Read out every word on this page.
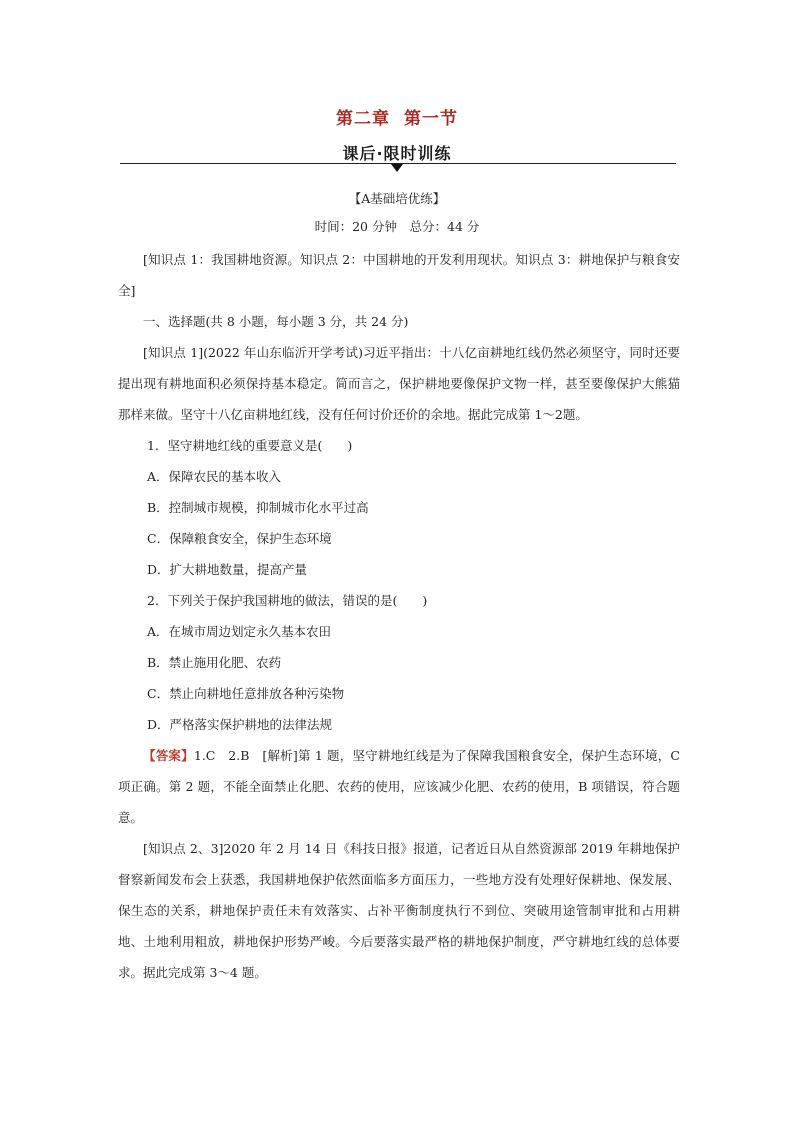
第二章 第一节
课后·限时训练
【A基础培优练】
时间：20 分钟　总分：44 分

[知识点 1：我国耕地资源。知识点 2：中国耕地的开发利用现状。知识点 3：耕地保护与粮食安全]

一、选择题(共 8 小题，每小题 3 分，共 24 分)

[知识点 1](2022 年山东临沂开学考试)习近平指出：十八亿亩耕地红线仍然必须坚守，同时还要提出现有耕地面积必须保持基本稳定。简而言之，保护耕地要像保护文物一样，甚至要像保护大熊猫那样来做。坚守十八亿亩耕地红线，没有任何讨价还价的余地。据此完成第 1～2题。

1．坚守耕地红线的重要意义是(　　)

A．保障农民的基本收入

B．控制城市规模，抑制城市化水平过高

C．保障粮食安全，保护生态环境

D．扩大耕地数量，提高产量

2．下列关于保护我国耕地的做法，错误的是(　　)

A．在城市周边划定永久基本农田

B．禁止施用化肥、农药

C．禁止向耕地任意排放各种污染物

D．严格落实保护耕地的法律法规

【答案】1.C　2.B　[解析]第 1 题，坚守耕地红线是为了保障我国粮食安全，保护生态环境，C 项正确。第 2 题，不能全面禁止化肥、农药的使用，应该减少化肥、农药的使用，B 项错误，符合题意。

[知识点 2、3]2020 年 2 月 14 日《科技日报》报道，记者近日从自然资源部 2019 年耕地保护督察新闻发布会上获悉，我国耕地保护依然面临多方面压力，一些地方没有处理好保耕地、保发展、保生态的关系，耕地保护责任未有效落实、占补平衡制度执行不到位、突破用途管制审批和占用耕地、土地利用粗放，耕地保护形势严峻。今后要落实最严格的耕地保护制度，严守耕地红线的总体要求。据此完成第 3～4 题。
